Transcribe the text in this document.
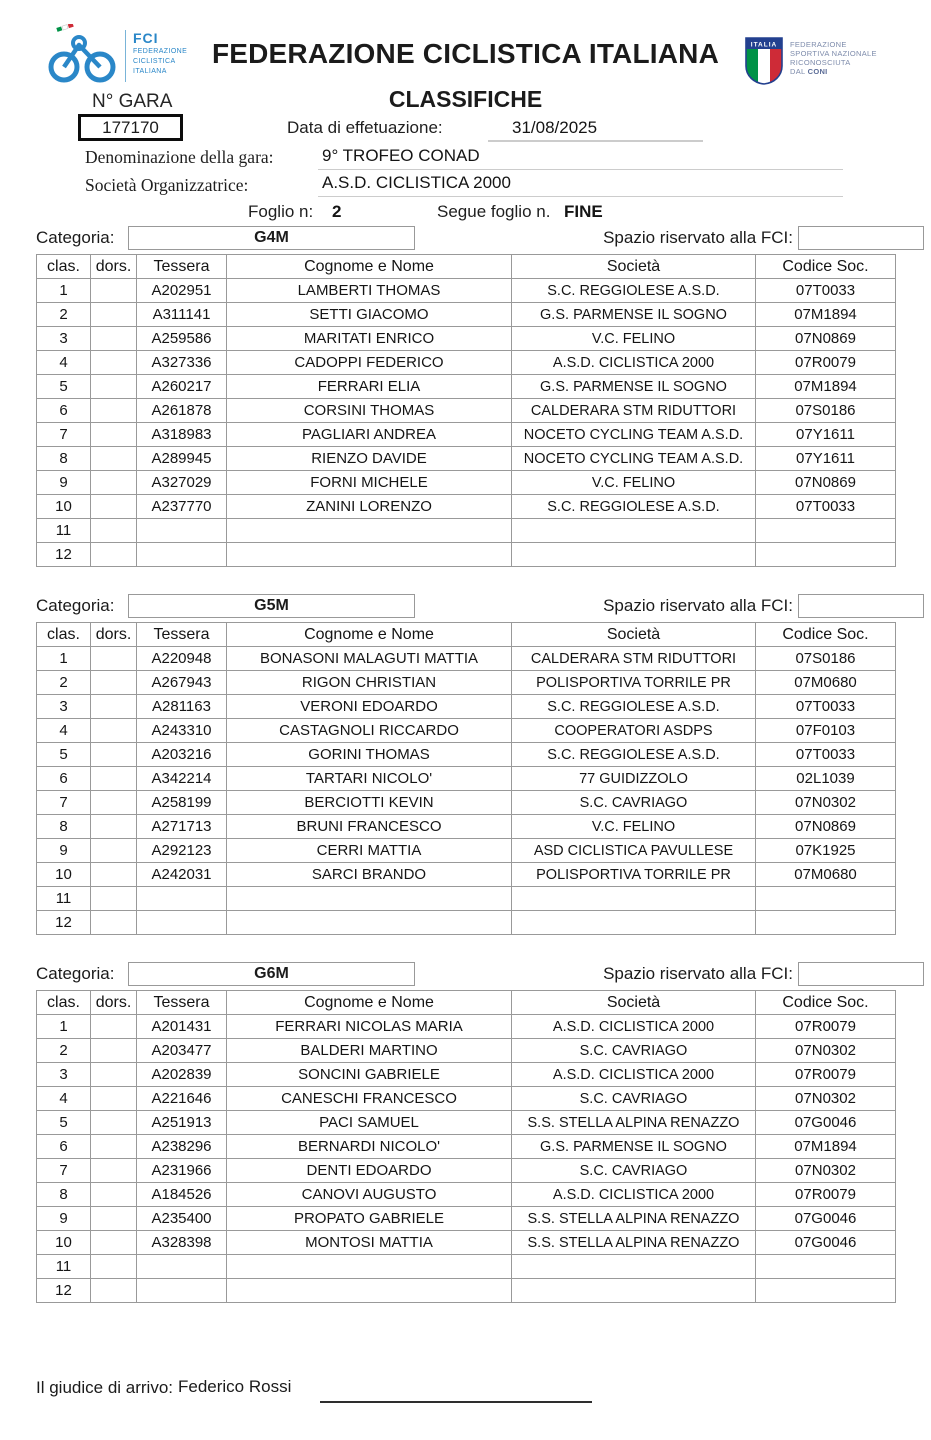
FCI
FEDERAZIONE
CICLISTICA
ITALIANA
ITALIA FEDERAZIONE
SPORTIVA NAZIONALE
RICONOSCIUTA
DAL CONI
FEDERAZIONE CICLISTICA ITALIANA
CLASSIFICHE
N° GARA
177170	Data di effetuazione:	31/08/2025
Denominazione della gara:	9° TROFEO CONAD
Società Organizzatrice:	A.S.D. CICLISTICA 2000
Foglio n: 2	Segue foglio n. FINE
Categoria:	G4M	Spazio riservato alla FCI:
clas.	dors.	Tessera	Cognome e Nome	Società	Codice Soc.
1		A202951	LAMBERTI THOMAS	S.C. REGGIOLESE A.S.D.	07T0033
2		A311141	SETTI GIACOMO	G.S. PARMENSE IL SOGNO	07M1894
3		A259586	MARITATI ENRICO	V.C. FELINO	07N0869
4		A327336	CADOPPI FEDERICO	A.S.D. CICLISTICA 2000	07R0079
5		A260217	FERRARI ELIA	G.S. PARMENSE IL SOGNO	07M1894
6		A261878	CORSINI THOMAS	CALDERARA STM RIDUTTORI	07S0186
7		A318983	PAGLIARI ANDREA	NOCETO CYCLING TEAM A.S.D.	07Y1611
8		A289945	RIENZO DAVIDE	NOCETO CYCLING TEAM A.S.D.	07Y1611
9		A327029	FORNI MICHELE	V.C. FELINO	07N0869
10		A237770	ZANINI LORENZO	S.C. REGGIOLESE A.S.D.	07T0033
11					
12					
Categoria:	G5M	Spazio riservato alla FCI:
clas.	dors.	Tessera	Cognome e Nome	Società	Codice Soc.
1		A220948	BONASONI MALAGUTI MATTIA	CALDERARA STM RIDUTTORI	07S0186
2		A267943	RIGON CHRISTIAN	POLISPORTIVA TORRILE PR	07M0680
3		A281163	VERONI EDOARDO	S.C. REGGIOLESE A.S.D.	07T0033
4		A243310	CASTAGNOLI RICCARDO	COOPERATORI ASDPS	07F0103
5		A203216	GORINI THOMAS	S.C. REGGIOLESE A.S.D.	07T0033
6		A342214	TARTARI NICOLO'	77 GUIDIZZOLO	02L1039
7		A258199	BERCIOTTI KEVIN	S.C. CAVRIAGO	07N0302
8		A271713	BRUNI FRANCESCO	V.C. FELINO	07N0869
9		A292123	CERRI MATTIA	ASD CICLISTICA PAVULLESE	07K1925
10		A242031	SARCI BRANDO	POLISPORTIVA TORRILE PR	07M0680
11					
12					
Categoria:	G6M	Spazio riservato alla FCI:
clas.	dors.	Tessera	Cognome e Nome	Società	Codice Soc.
1		A201431	FERRARI NICOLAS MARIA	A.S.D. CICLISTICA 2000	07R0079
2		A203477	BALDERI MARTINO	S.C. CAVRIAGO	07N0302
3		A202839	SONCINI GABRIELE	A.S.D. CICLISTICA 2000	07R0079
4		A221646	CANESCHI FRANCESCO	S.C. CAVRIAGO	07N0302
5		A251913	PACI SAMUEL	S.S. STELLA ALPINA RENAZZO	07G0046
6		A238296	BERNARDI NICOLO'	G.S. PARMENSE IL SOGNO	07M1894
7		A231966	DENTI EDOARDO	S.C. CAVRIAGO	07N0302
8		A184526	CANOVI AUGUSTO	A.S.D. CICLISTICA 2000	07R0079
9		A235400	PROPATO GABRIELE	S.S. STELLA ALPINA RENAZZO	07G0046
10		A328398	MONTOSI MATTIA	S.S. STELLA ALPINA RENAZZO	07G0046
11					
12					
Il giudice di arrivo: Federico Rossi
